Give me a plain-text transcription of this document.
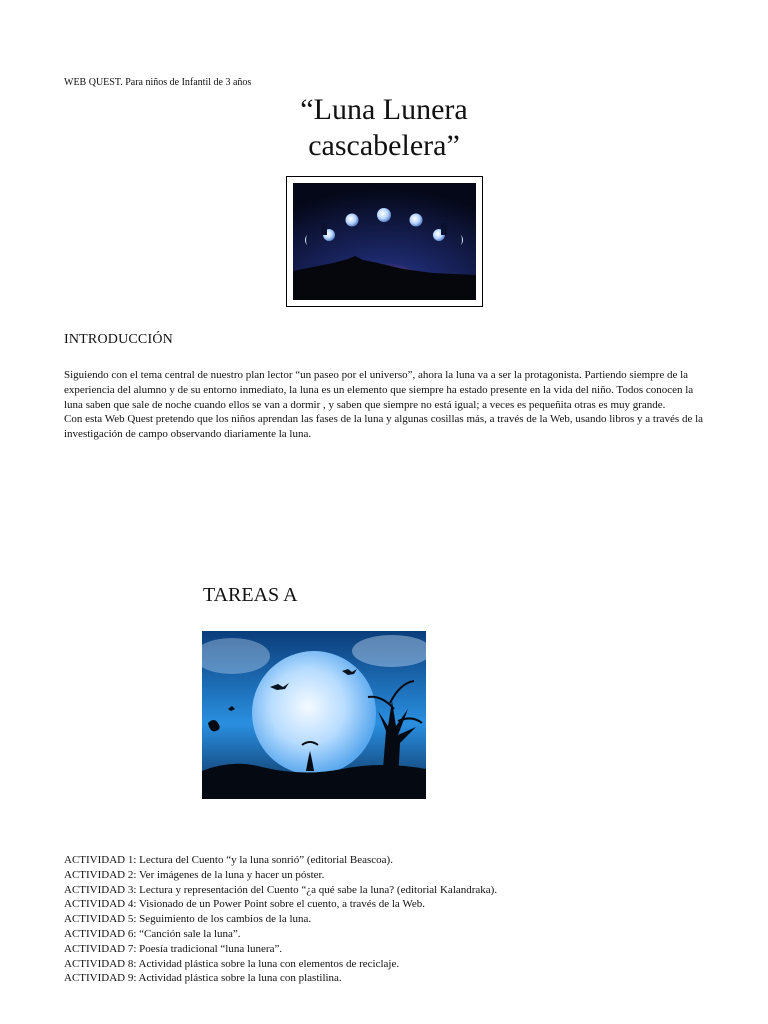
WEB QUEST. Para niños de Infantil de 3 años
“Luna Lunera
cascabelera”
INTRODUCCIÓN

Siguiendo con el tema central de nuestro plan lector “un paseo por el universo”, ahora la luna va a ser la protagonista. Partiendo siempre de la experiencia del alumno y de su entorno inmediato, la luna es un elemento que siempre ha estado presente en la vida del niño. Todos conocen la luna saben que sale de noche cuando ellos se van a dormir , y saben que siempre no está igual; a veces es pequeñita otras es muy grande.

Con esta Web Quest pretendo que los niños aprendan las fases de la luna y algunas cosillas más, a través de la Web, usando libros y a través de la investigación de campo observando diariamente la luna.

TAREAS A
ACTIVIDAD 1: Lectura del Cuento “y la luna sonrió” (editorial Beascoa).
ACTIVIDAD 2: Ver imágenes de la luna y hacer un póster.
ACTIVIDAD 3: Lectura y representación del Cuento “¿a qué sabe la luna? (editorial Kalandraka).
ACTIVIDAD 4: Visionado de un Power Point sobre el cuento, a través de la Web.
ACTIVIDAD 5: Seguimiento de los cambios de la luna.
ACTIVIDAD 6: “Canción sale la luna”.
ACTIVIDAD 7: Poesía tradicional “luna lunera”.
ACTIVIDAD 8: Actividad plástica sobre la luna con elementos de reciclaje.
ACTIVIDAD 9: Actividad plástica sobre la luna con plastilina.
